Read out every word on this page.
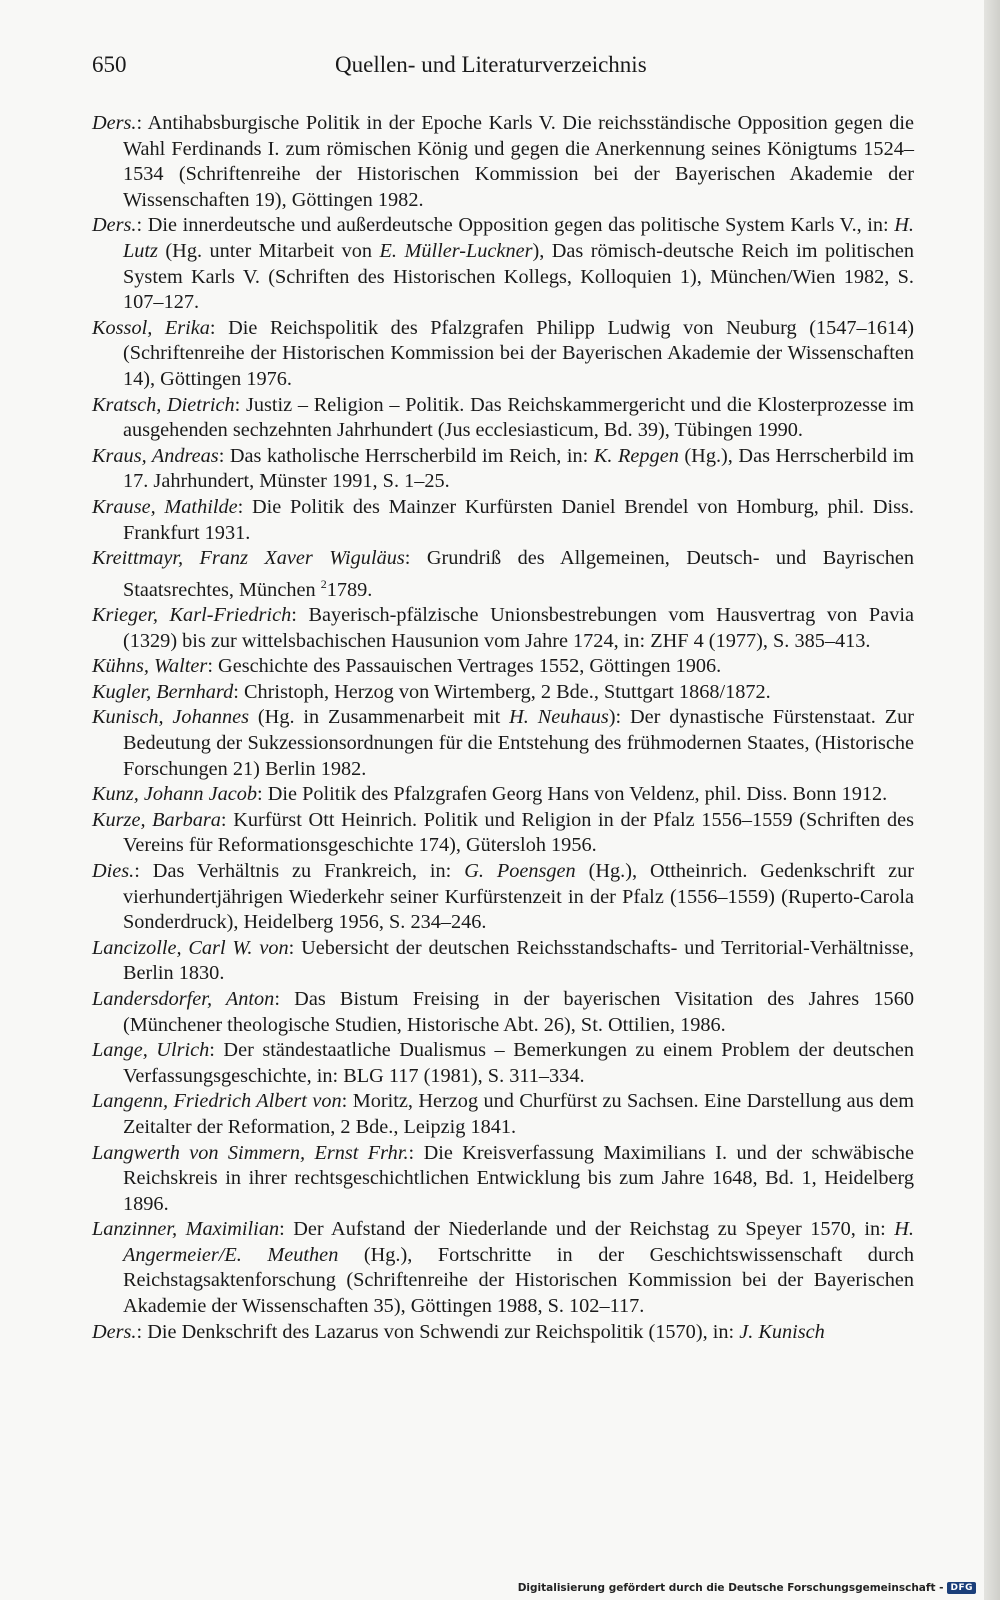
650	Quellen- und Literaturverzeichnis

Ders.: Antihabsburgische Politik in der Epoche Karls V. Die reichsständische Opposition gegen die Wahl Ferdinands I. zum römischen König und gegen die Anerkennung seines Königtums 1524–1534 (Schriftenreihe der Historischen Kommission bei der Bayerischen Akademie der Wissenschaften 19), Göttingen 1982.

Ders.: Die innerdeutsche und außerdeutsche Opposition gegen das politische System Karls V., in: H. Lutz (Hg. unter Mitarbeit von E. Müller-Luckner), Das römisch-deutsche Reich im politischen System Karls V. (Schriften des Historischen Kollegs, Kolloquien 1), München/Wien 1982, S. 107–127.

Kossol, Erika: Die Reichspolitik des Pfalzgrafen Philipp Ludwig von Neuburg (1547–1614) (Schriftenreihe der Historischen Kommission bei der Bayerischen Akademie der Wissenschaften 14), Göttingen 1976.

Kratsch, Dietrich: Justiz – Religion – Politik. Das Reichskammergericht und die Klosterprozesse im ausgehenden sechzehnten Jahrhundert (Jus ecclesiasticum, Bd. 39), Tübingen 1990.

Kraus, Andreas: Das katholische Herrscherbild im Reich, in: K. Repgen (Hg.), Das Herrscherbild im 17. Jahrhundert, Münster 1991, S. 1–25.

Krause, Mathilde: Die Politik des Mainzer Kurfürsten Daniel Brendel von Homburg, phil. Diss. Frankfurt 1931.

Kreittmayr, Franz Xaver Wiguläus: Grundriß des Allgemeinen, Deutsch- und Bayrischen Staatsrechtes, München $^2$1789.

Krieger, Karl-Friedrich: Bayerisch-pfälzische Unionsbestrebungen vom Hausvertrag von Pavia (1329) bis zur wittelsbachischen Hausunion vom Jahre 1724, in: ZHF 4 (1977), S. 385–413.

Kühns, Walter: Geschichte des Passauischen Vertrages 1552, Göttingen 1906.

Kugler, Bernhard: Christoph, Herzog von Wirtemberg, 2 Bde., Stuttgart 1868/1872.

Kunisch, Johannes (Hg. in Zusammenarbeit mit H. Neuhaus): Der dynastische Fürstenstaat. Zur Bedeutung der Sukzessionsordnungen für die Entstehung des frühmodernen Staates, (Historische Forschungen 21) Berlin 1982.

Kunz, Johann Jacob: Die Politik des Pfalzgrafen Georg Hans von Veldenz, phil. Diss. Bonn 1912.

Kurze, Barbara: Kurfürst Ott Heinrich. Politik und Religion in der Pfalz 1556–1559 (Schriften des Vereins für Reformationsgeschichte 174), Gütersloh 1956.

Dies.: Das Verhältnis zu Frankreich, in: G. Poensgen (Hg.), Ottheinrich. Gedenkschrift zur vierhundertjährigen Wiederkehr seiner Kurfürstenzeit in der Pfalz (1556–1559) (Ruperto-Carola Sonderdruck), Heidelberg 1956, S. 234–246.

Lancizolle, Carl W. von: Uebersicht der deutschen Reichsstandschafts- und Territorial-Verhältnisse, Berlin 1830.

Landersdorfer, Anton: Das Bistum Freising in der bayerischen Visitation des Jahres 1560 (Münchener theologische Studien, Historische Abt. 26), St. Ottilien, 1986.

Lange, Ulrich: Der ständestaatliche Dualismus – Bemerkungen zu einem Problem der deutschen Verfassungsgeschichte, in: BLG 117 (1981), S. 311–334.

Langenn, Friedrich Albert von: Moritz, Herzog und Churfürst zu Sachsen. Eine Darstellung aus dem Zeitalter der Reformation, 2 Bde., Leipzig 1841.

Langwerth von Simmern, Ernst Frhr.: Die Kreisverfassung Maximilians I. und der schwäbische Reichskreis in ihrer rechtsgeschichtlichen Entwicklung bis zum Jahre 1648, Bd. 1, Heidelberg 1896.

Lanzinner, Maximilian: Der Aufstand der Niederlande und der Reichstag zu Speyer 1570, in: H. Angermeier/E. Meuthen (Hg.), Fortschritte in der Geschichtswissenschaft durch Reichstagsaktenforschung (Schriftenreihe der Historischen Kommission bei der Bayerischen Akademie der Wissenschaften 35), Göttingen 1988, S. 102–117.

Ders.: Die Denkschrift des Lazarus von Schwendi zur Reichspolitik (1570), in: J. Kunisch

Digitalisierung gefördert durch die Deutsche Forschungsgemeinschaft - DFG
